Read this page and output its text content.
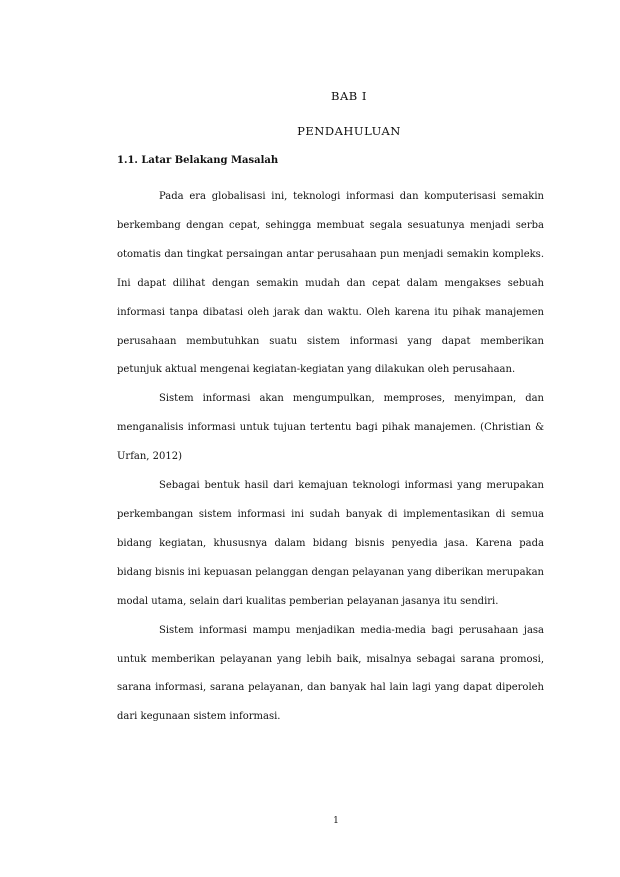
BAB I
PENDAHULUAN
1.1. Latar Belakang Masalah

Pada era globalisasi ini, teknologi informasi dan komputerisasi semakin berkembang dengan cepat, sehingga membuat segala sesuatunya menjadi serba otomatis dan tingkat persaingan antar perusahaan pun menjadi semakin kompleks. Ini dapat dilihat dengan semakin mudah dan cepat dalam mengakses sebuah informasi tanpa dibatasi oleh jarak dan waktu. Oleh karena itu pihak manajemen perusahaan membutuhkan suatu sistem informasi yang dapat memberikan petunjuk aktual mengenai kegiatan-kegiatan yang dilakukan oleh perusahaan.

Sistem informasi akan mengumpulkan, memproses, menyimpan, dan menganalisis informasi untuk tujuan tertentu bagi pihak manajemen. (Christian & Urfan, 2012)

Sebagai bentuk hasil dari kemajuan teknologi informasi yang merupakan perkembangan sistem informasi ini sudah banyak di implementasikan di semua bidang kegiatan, khususnya dalam bidang bisnis penyedia jasa. Karena pada bidang bisnis ini kepuasan pelanggan dengan pelayanan yang diberikan merupakan modal utama, selain dari kualitas pemberian pelayanan jasanya itu sendiri.

Sistem informasi mampu menjadikan media-media bagi perusahaan jasa untuk memberikan pelayanan yang lebih baik, misalnya sebagai sarana promosi, sarana informasi, sarana pelayanan, dan banyak hal lain lagi yang dapat diperoleh dari kegunaan sistem informasi.

1
